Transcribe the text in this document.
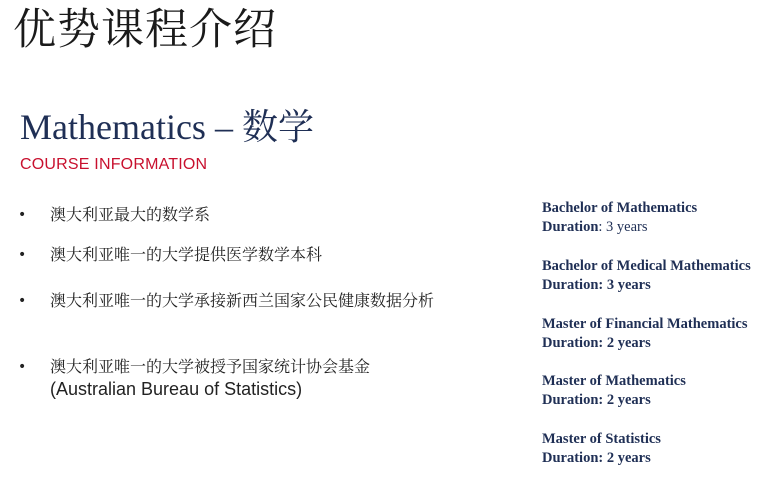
优势课程介绍
Mathematics – 数学
COURSE INFORMATION
• 澳大利亚最大的数学系
• 澳大利亚唯一的大学提供医学数学本科
• 澳大利亚唯一的大学承接新西兰国家公民健康数据分析
• 澳大利亚唯一的大学被授予国家统计协会基金
(Australian Bureau of Statistics)
Bachelor of Mathematics
Duration: 3 years
Bachelor of Medical Mathematics
Duration: 3 years
Master of Financial Mathematics
Duration: 2 years
Master of Mathematics
Duration: 2 years
Master of Statistics
Duration: 2 years
